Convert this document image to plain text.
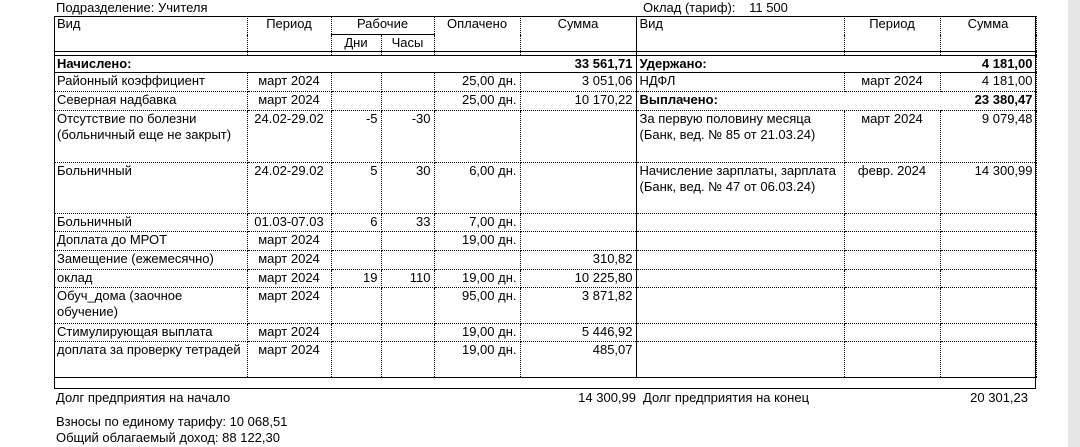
Подразделение: Учителя	Оклад (тариф): 11 500
Вид	Период	Рабочие		Оплачено	Сумма	Вид	Период	Сумма
		Дни	Часы					

Начислено:					33 561,71	Удержано:		4 181,00
Районный коэффициент	март 2024			25,00 дн.	3 051,06	НДФЛ	март 2024	4 181,00
Северная надбавка	март 2024			25,00 дн.	10 170,22	Выплачено:		23 380,47
Отсутствие по болезни (больничный еще не закрыт)	24.02-29.02	-5	-30			За первую половину месяца (Банк, вед. № 85 от 21.03.24)	март 2024	9 079,48
Больничный	24.02-29.02	5	30	6,00 дн.		Начисление зарплаты, зарплата (Банк, вед. № 47 от 06.03.24)	февр. 2024	14 300,99
Больничный	01.03-07.03	6	33	7,00 дн.				
Доплата до МРОТ	март 2024			19,00 дн.				
Замещение (ежемесячно)	март 2024				310,82			
оклад	март 2024	19	110	19,00 дн.	10 225,80			
Обуч_дома (заочное обучение)	март 2024			95,00 дн.	3 871,82			
Стимулирующая выплата	март 2024			19,00 дн.	5 446,92			
доплата за проверку тетрадей	март 2024			19,00 дн.	485,07			
Долг предприятия на начало	14 300,99 Долг предприятия на конец	20 301,23
Взносы по единому тарифу: 10 068,51
Общий облагаемый доход: 88 122,30
